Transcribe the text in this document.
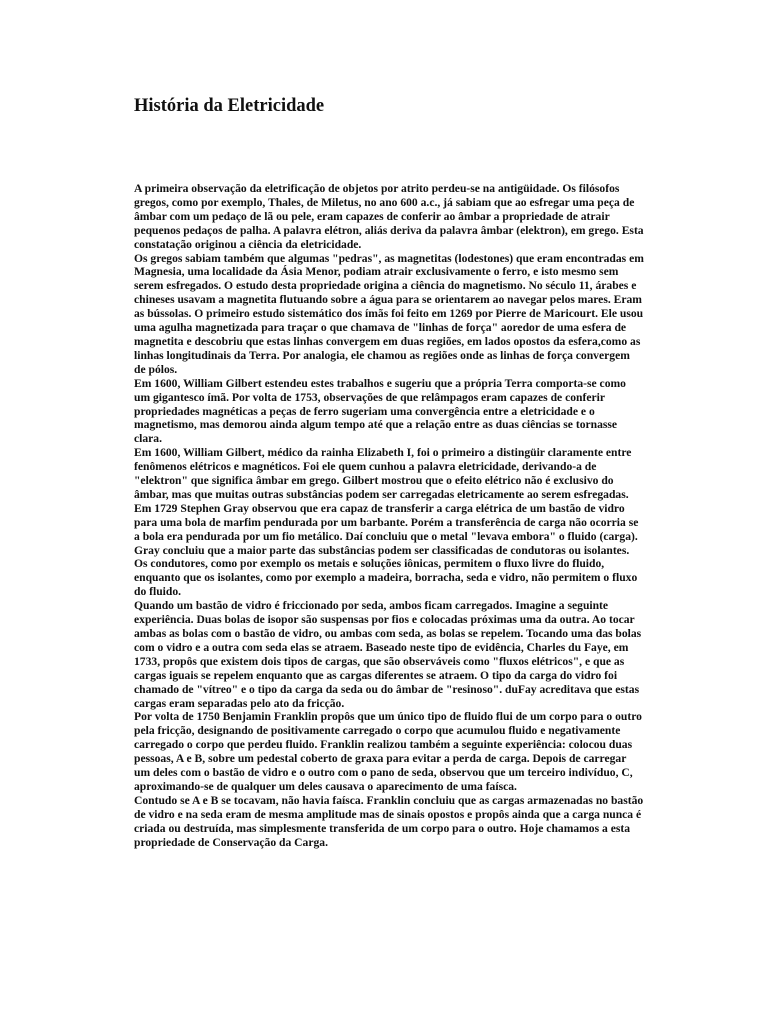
História da Eletricidade

A primeira observação da eletrificação de objetos por atrito perdeu-se na antigüidade. Os filósofos gregos, como por exemplo, Thales, de Miletus, no ano 600 a.c., já sabiam que ao esfregar uma peça de âmbar com um pedaço de lã ou pele, eram capazes de conferir ao âmbar a propriedade de atrair pequenos pedaços de palha. A palavra elétron, aliás deriva da palavra âmbar (elektron), em grego. Esta constatação originou a ciência da eletricidade.

Os gregos sabiam também que algumas "pedras", as magnetitas (lodestones) que eram encontradas em Magnesia, uma localidade da Ásia Menor, podiam atrair exclusivamente o ferro, e isto mesmo sem serem esfregados. O estudo desta propriedade origina a ciência do magnetismo. No século 11, árabes e chineses usavam a magnetita flutuando sobre a água para se orientarem ao navegar pelos mares. Eram as bússolas. O primeiro estudo sistemático dos ímãs foi feito em 1269 por Pierre de Maricourt. Ele usou uma agulha magnetizada para traçar o que chamava de "linhas de força" aoredor de uma esfera de magnetita e descobriu que estas linhas convergem em duas regiões, em lados opostos da esfera,como as linhas longitudinais da Terra. Por analogia, ele chamou as regiões onde as linhas de força convergem de pólos.

Em 1600, William Gilbert estendeu estes trabalhos e sugeriu que a própria Terra comporta-se como um gigantesco ímã. Por volta de 1753, observações de que relâmpagos eram capazes de conferir propriedades magnéticas a peças de ferro sugeriam uma convergência entre a eletricidade e o magnetismo, mas demorou ainda algum tempo até que a relação entre as duas ciências se tornasse clara.

Em 1600, William Gilbert, médico da rainha Elizabeth I, foi o primeiro a distingüir claramente entre fenômenos elétricos e magnéticos. Foi ele quem cunhou a palavra eletricidade, derivando-a de "elektron" que significa âmbar em grego. Gilbert mostrou que o efeito elétrico não é exclusivo do âmbar, mas que muitas outras substâncias podem ser carregadas eletricamente ao serem esfregadas.

Em 1729 Stephen Gray observou que era capaz de transferir a carga elétrica de um bastão de vidro para uma bola de marfim pendurada por um barbante. Porém a transferência de carga não ocorria se a bola era pendurada por um fio metálico. Daí concluiu que o metal "levava embora" o fluido (carga). Gray concluiu que a maior parte das substâncias podem ser classificadas de condutoras ou isolantes. Os condutores, como por exemplo os metais e soluções iônicas, permitem o fluxo livre do fluido, enquanto que os isolantes, como por exemplo a madeira, borracha, seda e vidro, não permitem o fluxo do fluido.

Quando um bastão de vidro é friccionado por seda, ambos ficam carregados. Imagine a seguinte experiência. Duas bolas de isopor são suspensas por fios e colocadas próximas uma da outra. Ao tocar ambas as bolas com o bastão de vidro, ou ambas com seda, as bolas se repelem. Tocando uma das bolas com o vidro e a outra com seda elas se atraem. Baseado neste tipo de evidência, Charles du Faye, em 1733, propôs que existem dois tipos de cargas, que são observáveis como "fluxos elétricos", e que as cargas iguais se repelem enquanto que as cargas diferentes se atraem. O tipo da carga do vidro foi chamado de "vítreo" e o tipo da carga da seda ou do âmbar de "resinoso". duFay acreditava que estas cargas eram separadas pelo ato da fricção.

Por volta de 1750 Benjamin Franklin propôs que um único tipo de fluido flui de um corpo para o outro pela fricção, designando de positivamente carregado o corpo que acumulou fluido e negativamente carregado o corpo que perdeu fluido. Franklin realizou também a seguinte experiência: colocou duas pessoas, A e B, sobre um pedestal coberto de graxa para evitar a perda de carga. Depois de carregar um deles com o bastão de vidro e o outro com o pano de seda, observou que um terceiro indivíduo, C, aproximando-se de qualquer um deles causava o aparecimento de uma faísca.

Contudo se A e B se tocavam, não havia faísca. Franklin concluiu que as cargas armazenadas no bastão de vidro e na seda eram de mesma amplitude mas de sinais opostos e propôs ainda que a carga nunca é criada ou destruída, mas simplesmente transferida de um corpo para o outro. Hoje chamamos a esta propriedade de Conservação da Carga.
